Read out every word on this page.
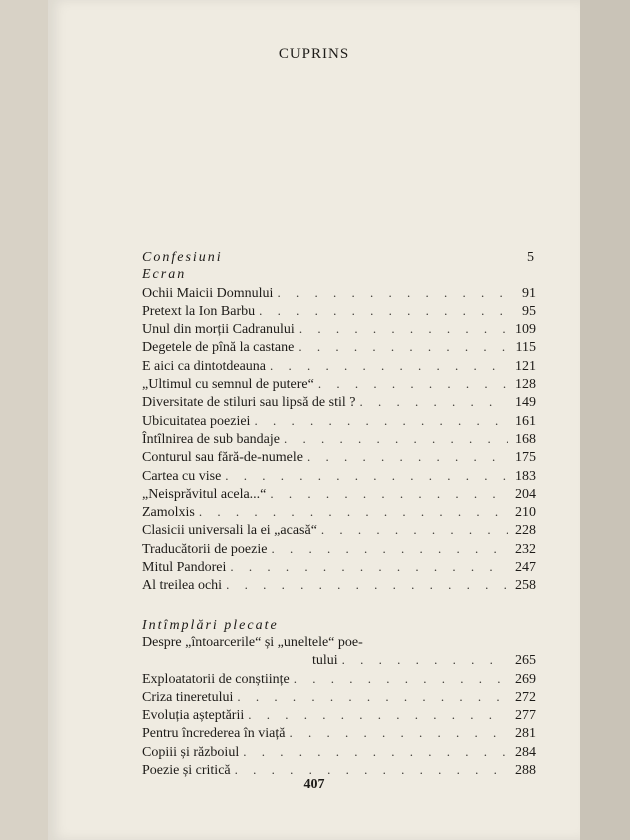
CUPRINS
Confesiuni	5
Ecran
Ochii Maicii Domnului . . .	91
Pretext la Ion Barbu . . .	95
Unul din morții Cadranului . . .	109
Degetele de pînă la castane . . .	115
E aici ca dintotdeauna . . .	121
„Ultimul cu semnul de putere“ . . .	128
Diversitate de stiluri sau lipsă de stil ? . . .	149
Ubicuitatea poeziei . . .	161
Întîlnirea de sub bandaje . . .	168
Conturul sau fără-de-numele . . .	175
Cartea cu vise . . .	183
„Neisprăvitul acela...“ . . .	204
Zamolxis . . .	210
Clasicii universali la ei „acasă“ . . .	228
Traducătorii de poezie . . .	232
Mitul Pandorei . . .	247
Al treilea ochi . . .	258
Intîmplări plecate
Despre „întoarcerile“ și „uneltele“ poe-
tului . . .	265
Exploatatorii de conștiințe . . .	269
Criza tineretului . . .	272
Evoluția așteptării . . .	277
Pentru încrederea în viață . . .	281
Copiii și războiul . . .	284
Poezie și critică . . .	288
407
